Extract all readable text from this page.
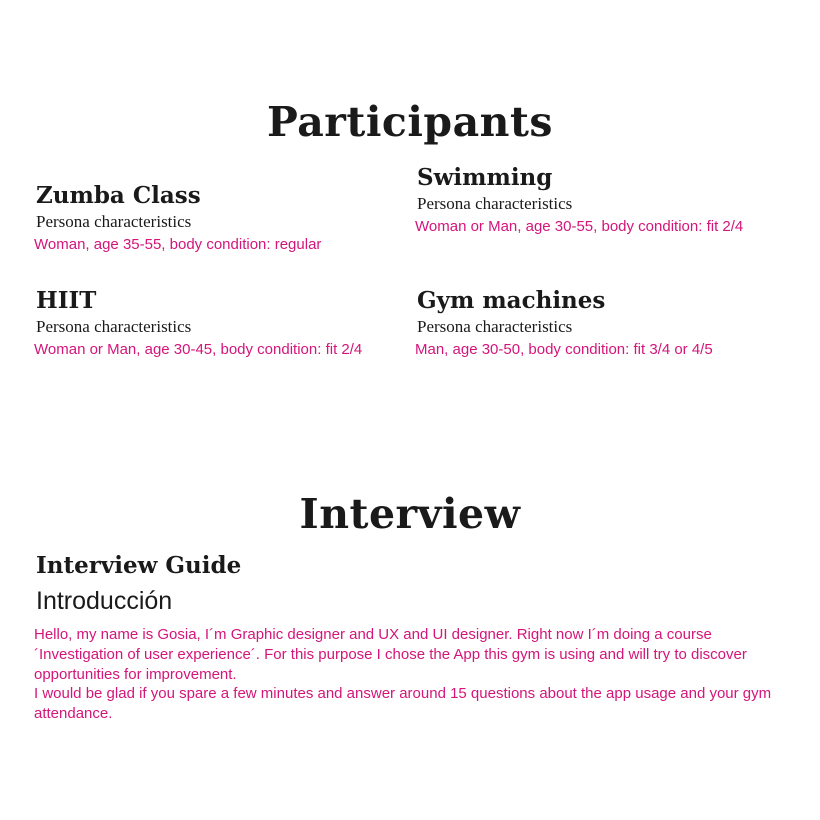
Participants
Zumba Class
Persona characteristics
Woman, age 35-55, body condition: regular
Swimming
Persona characteristics
Woman or Man, age 30-55, body condition: fit 2/4
HIIT
Persona characteristics
Woman or Man, age 30-45, body condition: fit 2/4
Gym machines
Persona characteristics
Man, age 30-50, body condition: fit 3/4 or 4/5
Interview
Interview Guide
Introducción

Hello, my name is Gosia, I´m Graphic designer and UX and UI designer. Right now I´m doing a course ´Investigation of user experience´. For this purpose I chose the App this gym is using and will try to discover opportunities for improvement.

I would be glad if you spare a few minutes and answer around 15 questions about the app usage and your gym attendance.
